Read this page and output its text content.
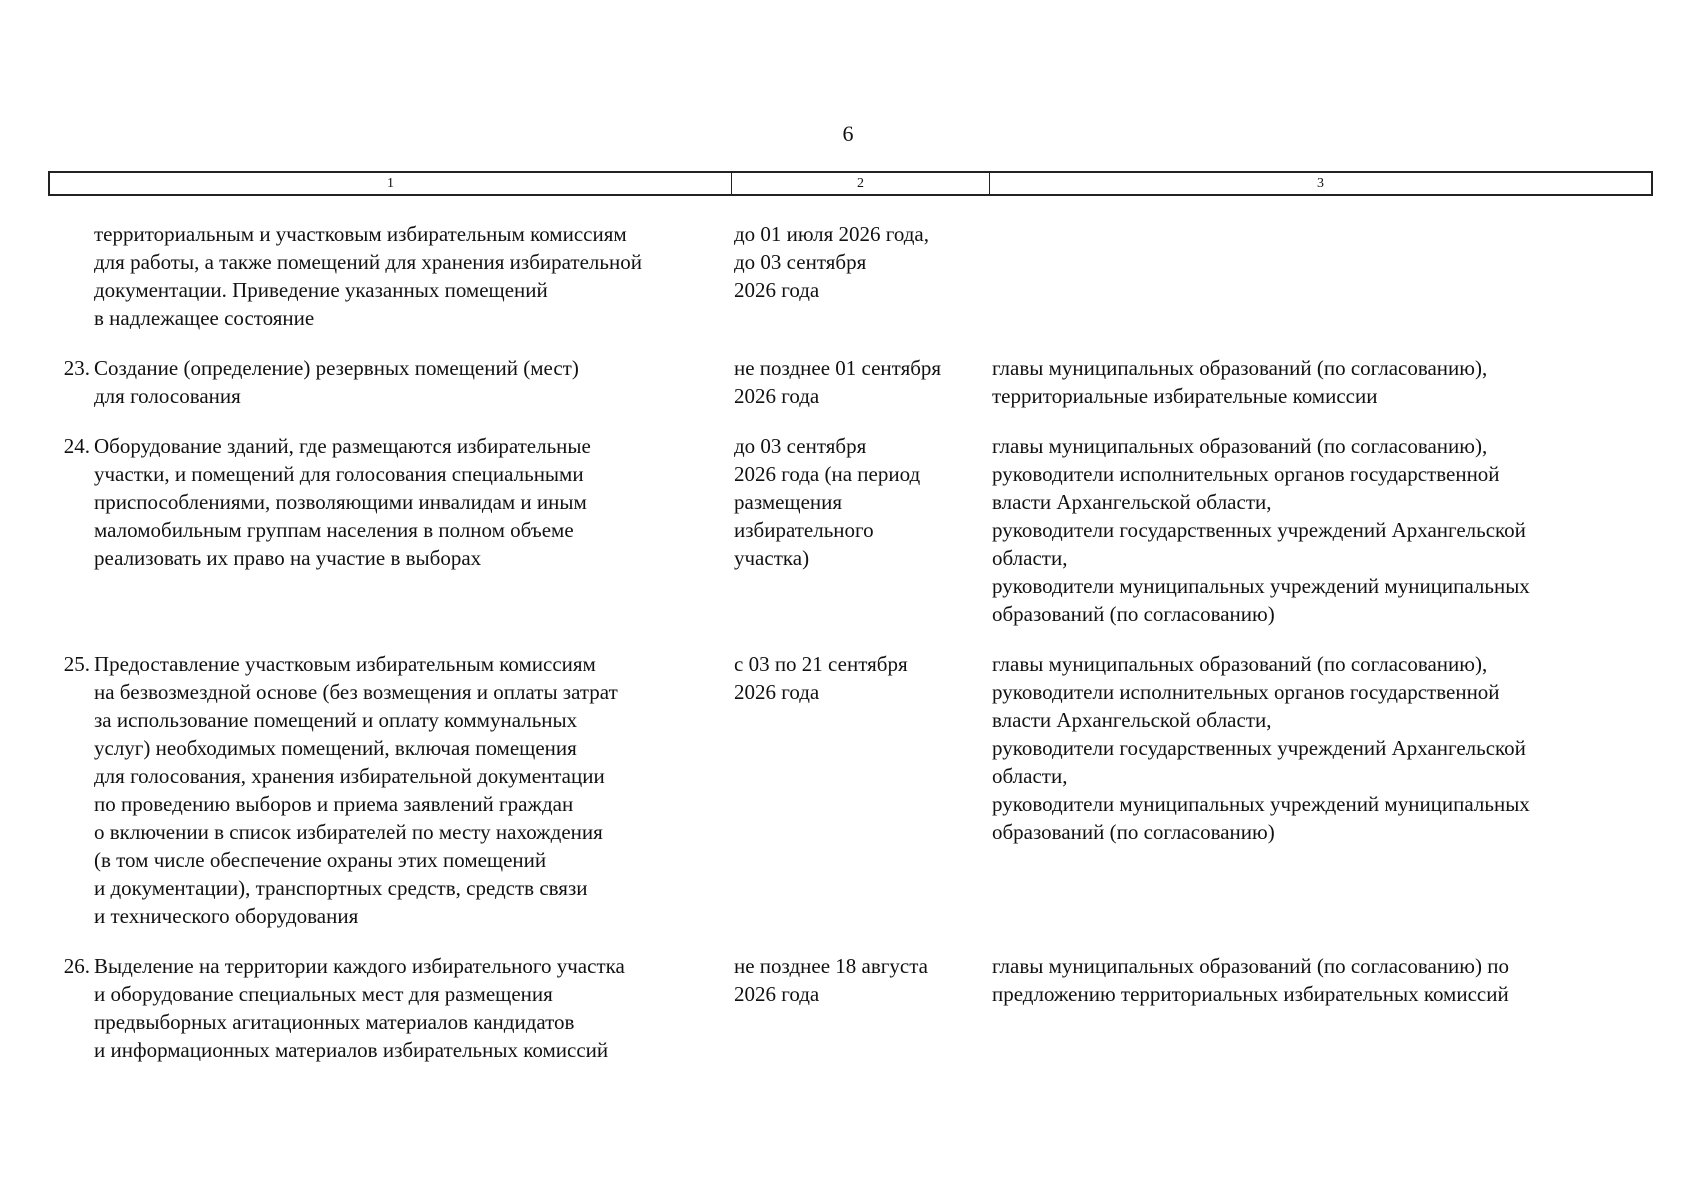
6
1	2	3
территориальным и участковым избирательным комиссиям
для работы, а также помещений для хранения избирательной
документации. Приведение указанных помещений
в надлежащее состояние
до 01 июля 2026 года,
до 03 сентября
2026 года
23. Создание (определение) резервных помещений (мест)
для голосования
не позднее 01 сентября
2026 года
главы муниципальных образований (по согласованию),
территориальные избирательные комиссии
24. Оборудование зданий, где размещаются избирательные
участки, и помещений для голосования специальными
приспособлениями, позволяющими инвалидам и иным
маломобильным группам населения в полном объеме
реализовать их право на участие в выборах
до 03 сентября
2026 года (на период
размещения
избирательного
участка)
главы муниципальных образований (по согласованию),
руководители исполнительных органов государственной
власти Архангельской области,
руководители государственных учреждений Архангельской
области,
руководители муниципальных учреждений муниципальных
образований (по согласованию)
25. Предоставление участковым избирательным комиссиям
на безвозмездной основе (без возмещения и оплаты затрат
за использование помещений и оплату коммунальных
услуг) необходимых помещений, включая помещения
для голосования, хранения избирательной документации
по проведению выборов и приема заявлений граждан
о включении в список избирателей по месту нахождения
(в том числе обеспечение охраны этих помещений
и документации), транспортных средств, средств связи
и технического оборудования
с 03 по 21 сентября
2026 года
главы муниципальных образований (по согласованию),
руководители исполнительных органов государственной
власти Архангельской области,
руководители государственных учреждений Архангельской
области,
руководители муниципальных учреждений муниципальных
образований (по согласованию)
26. Выделение на территории каждого избирательного участка
и оборудование специальных мест для размещения
предвыборных агитационных материалов кандидатов
и информационных материалов избирательных комиссий
не позднее 18 августа
2026 года
главы муниципальных образований (по согласованию) по
предложению территориальных избирательных комиссий
